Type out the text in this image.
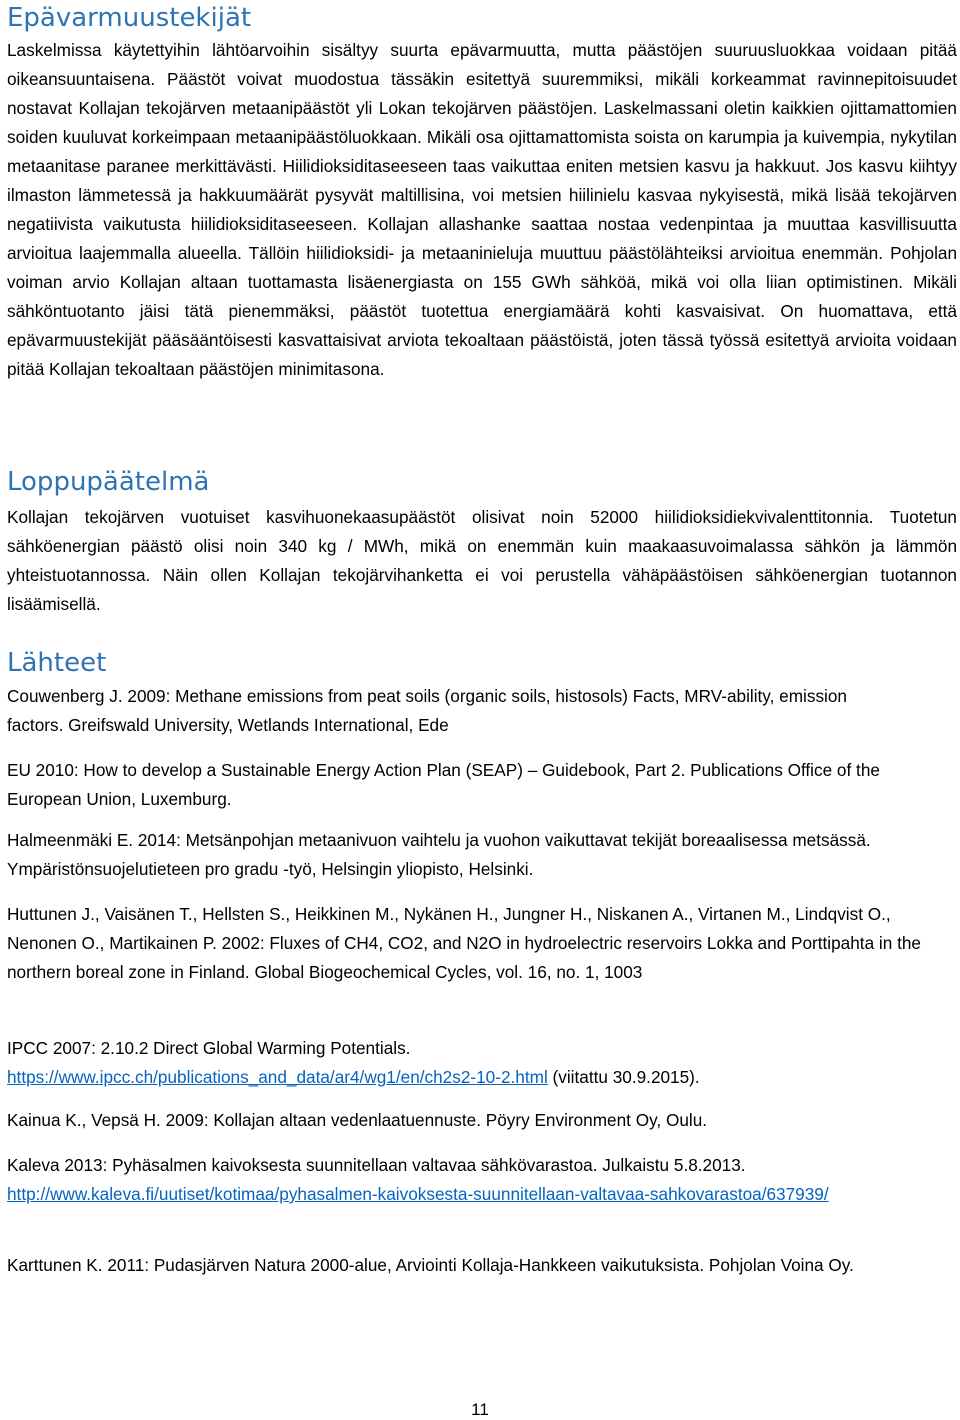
Epävarmuustekijät

Laskelmissa käytettyihin lähtöarvoihin sisältyy suurta epävarmuutta, mutta päästöjen suuruusluokkaa voidaan pitää oikeansuuntaisena. Päästöt voivat muodostua tässäkin esitettyä suuremmiksi, mikäli korkeammat ravinnepitoisuudet nostavat Kollajan tekojärven metaanipäästöt yli Lokan tekojärven päästöjen. Laskelmassani oletin kaikkien ojittamattomien soiden kuuluvat korkeimpaan metaanipäästöluokkaan. Mikäli osa ojittamattomista soista on karumpia ja kuivempia, nykytilan metaanitase paranee merkittävästi. Hiilidioksiditaseeseen taas vaikuttaa eniten metsien kasvu ja hakkuut. Jos kasvu kiihtyy ilmaston lämmetessä ja hakkuumäärät pysyvät maltillisina, voi metsien hiilinielu kasvaa nykyisestä, mikä lisää tekojärven negatiivista vaikutusta hiilidioksiditaseeseen. Kollajan allashanke saattaa nostaa vedenpintaa ja muuttaa kasvillisuutta arvioitua laajemmalla alueella. Tällöin hiilidioksidi- ja metaaninieluja muuttuu päästölähteiksi arvioitua enemmän. Pohjolan voiman arvio Kollajan altaan tuottamasta lisäenergiasta on 155 GWh sähköä, mikä voi olla liian optimistinen. Mikäli sähköntuotanto jäisi tätä pienemmäksi, päästöt tuotettua energiamäärä kohti kasvaisivat. On huomattava, että epävarmuustekijät pääsääntöisesti kasvattaisivat arviota tekoaltaan päästöistä, joten tässä työssä esitettyä arvioita voidaan pitää Kollajan tekoaltaan päästöjen minimitasona.

Loppupäätelmä

Kollajan tekojärven vuotuiset kasvihuonekaasupäästöt olisivat noin 52000 hiilidioksidiekvivalenttitonnia. Tuotetun sähköenergian päästö olisi noin 340 kg / MWh, mikä on enemmän kuin maakaasuvoimalassa sähkön ja lämmön yhteistuotannossa. Näin ollen Kollajan tekojärvihanketta ei voi perustella vähäpäästöisen sähköenergian tuotannon lisäämisellä.

Lähteet

Couwenberg J. 2009: Methane emissions from peat soils (organic soils, histosols) Facts, MRV-ability, emission factors. Greifswald University, Wetlands International, Ede

EU 2010: How to develop a Sustainable Energy Action Plan (SEAP) – Guidebook, Part 2. Publications Office of the European Union, Luxemburg.

Halmeenmäki E. 2014: Metsänpohjan metaanivuon vaihtelu ja vuohon vaikuttavat tekijät boreaalisessa metsässä. Ympäristönsuojelutieteen pro gradu -työ, Helsingin yliopisto, Helsinki.

Huttunen J., Vaisänen T., Hellsten S., Heikkinen M., Nykänen H., Jungner H., Niskanen A., Virtanen M., Lindqvist O., Nenonen O., Martikainen P. 2002: Fluxes of CH4, CO2, and N2O in hydroelectric reservoirs Lokka and Porttipahta in the northern boreal zone in Finland. Global Biogeochemical Cycles, vol. 16, no. 1, 1003

IPCC 2007: 2.10.2 Direct Global Warming Potentials.
https://www.ipcc.ch/publications_and_data/ar4/wg1/en/ch2s2-10-2.html (viitattu 30.9.2015).

Kainua K., Vepsä H. 2009: Kollajan altaan vedenlaatuennuste. Pöyry Environment Oy, Oulu.

Kaleva 2013: Pyhäsalmen kaivoksesta suunnitellaan valtavaa sähkövarastoa. Julkaistu 5.8.2013.
http://www.kaleva.fi/uutiset/kotimaa/pyhasalmen-kaivoksesta-suunnitellaan-valtavaa-sahkovarastoa/637939/

Karttunen K. 2011: Pudasjärven Natura 2000-alue, Arviointi Kollaja-Hankkeen vaikutuksista. Pohjolan Voina Oy.

11
